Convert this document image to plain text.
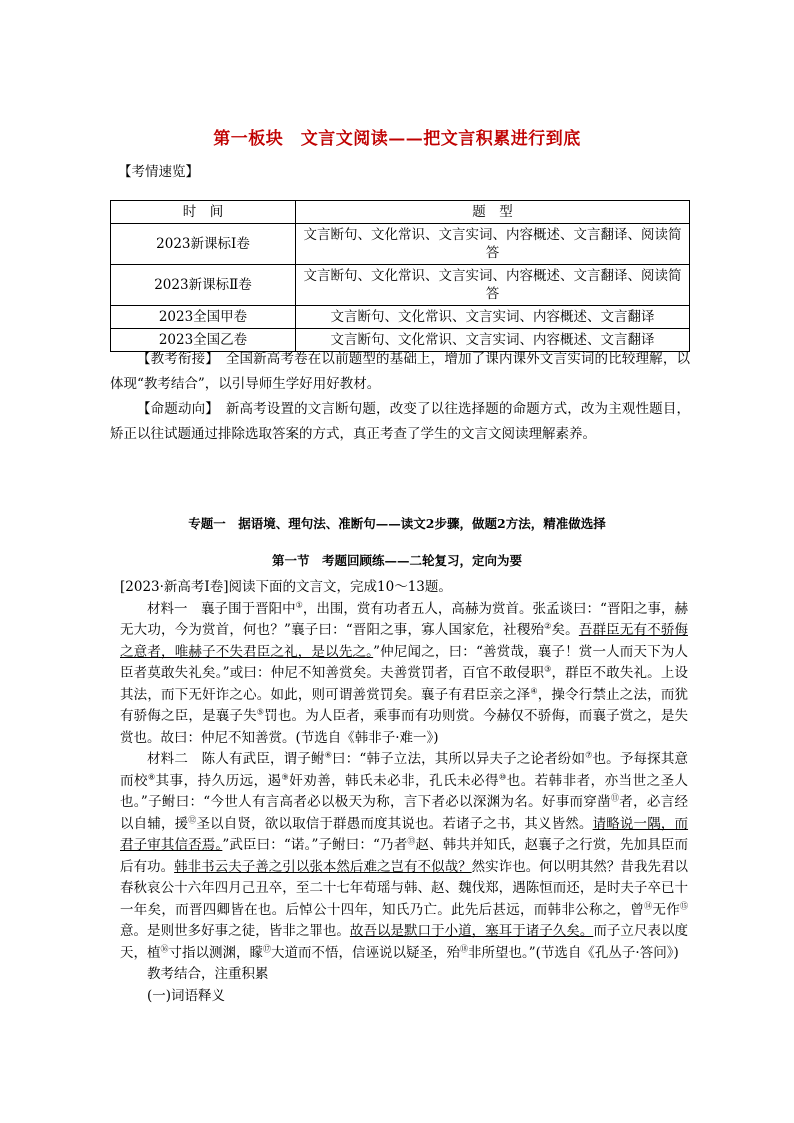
第一板块　文言文阅读——把文言积累进行到底
【考情速览】
时　间	题　型
2023新课标Ⅰ卷	文言断句、文化常识、文言实词、内容概述、文言翻译、阅读简答
2023新课标Ⅱ卷	文言断句、文化常识、文言实词、内容概述、文言翻译、阅读简答
2023全国甲卷	文言断句、文化常识、文言实词、内容概述、文言翻译
2023全国乙卷	文言断句、文化常识、文言实词、内容概述、文言翻译

【教考衔接】　全国新高考卷在以前题型的基础上，增加了课内课外文言实词的比较理解，以体现“教考结合”，以引导师生学好用好教材。

【命题动向】　新高考设置的文言断句题，改变了以往选择题的命题方式，改为主观性题目，矫正以往试题通过排除选取答案的方式，真正考查了学生的文言文阅读理解素养。

专题一　据语境、理句法、准断句——读文2步骤，做题2方法，精准做选择
第一节　考题回顾练——二轮复习，定向为要

[2023·新高考Ⅰ卷]阅读下面的文言文，完成10～13题。

材料一　襄子围于晋阳中①，出围，赏有功者五人，高赫为赏首。张孟谈曰：“晋阳之事，赫无大功，今为赏首，何也？”襄子曰：“晋阳之事，寡人国家危，社稷殆②矣。吾群臣无有不骄侮之意者，唯赫子不失君臣之礼，是以先之。”仲尼闻之，曰：“善赏哉，襄子！赏一人而天下为人臣者莫敢失礼矣。”或曰：仲尼不知善赏矣。夫善赏罚者，百官不敢侵职③，群臣不敢失礼。上设其法，而下无奸诈之心。如此，则可谓善赏罚矣。襄子有君臣亲之泽④，操令行禁止之法，而犹有骄侮之臣，是襄子失⑤罚也。为人臣者，乘事而有功则赏。今赫仅不骄侮，而襄子赏之，是失赏也。故曰：仲尼不知善赏。(节选自《韩非子·难一》)

材料二　陈人有武臣，谓子鲋⑥曰：“韩子立法，其所以异夫子之论者纷如⑦也。予每探其意而校⑧其事，持久历远，遏⑨奸劝善，韩氏未必非，孔氏未必得⑩也。若韩非者，亦当世之圣人也。”子鲋曰：“今世人有言高者必以极天为称，言下者必以深渊为名。好事而穿凿⑪者，必言经以自辅，援⑫圣以自贤，欲以取信于群愚而度其说也。若诸子之书，其义皆然。请略说一隅，而君子审其信否焉。”武臣曰：“诺。”子鲋曰：“乃者⑬赵、韩共并知氏，赵襄子之行赏，先加具臣而后有功。韩非书云夫子善之引以张本然后难之岂有不似哉？然实诈也。何以明其然？昔我先君以春秋哀公十六年四月己丑卒，至二十七年荀瑶与韩、赵、魏伐郑，遇陈恒而还，是时夫子卒已十一年矣，而晋四卿皆在也。后悼公十四年，知氏乃亡。此先后甚远，而韩非公称之，曾⑭无作⑮意。是则世多好事之徒，皆非之罪也。故吾以是默口于小道，塞耳于诸子久矣。而子立尺表以度天，植⑯寸指以测渊，矇⑰大道而不悟，信诬说以疑圣，殆⑱非所望也。”(节选自《孔丛子·答问》)

教考结合，注重积累

(一)词语释义
